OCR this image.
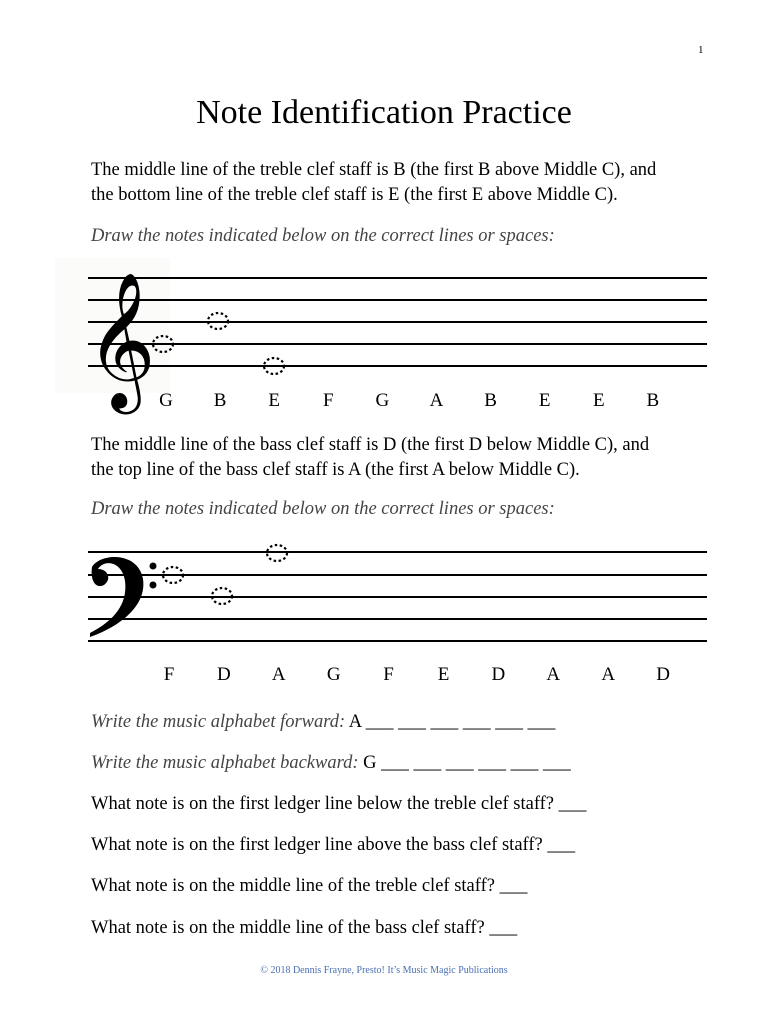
1
Note Identification Practice

The middle line of the treble clef staff is B (the first B above Middle C), and

the bottom line of the treble clef staff is E (the first E above Middle C).

Draw the notes indicated below on the correct lines or spaces:

𝄞 G B E F G A B E E B

The middle line of the bass clef staff is D (the first D below Middle C), and

the top line of the bass clef staff is A (the first A below Middle C).

Draw the notes indicated below on the correct lines or spaces:

F D A G F E D A A D

Write the music alphabet forward: A ___ ___ ___ ___ ___ ___

Write the music alphabet backward: G ___ ___ ___ ___ ___ ___

What note is on the first ledger line below the treble clef staff? ___

What note is on the first ledger line above the bass clef staff? ___

What note is on the middle line of the treble clef staff? ___

What note is on the middle line of the bass clef staff? ___

© 2018 Dennis Frayne, Presto! It’s Music Magic Publications
